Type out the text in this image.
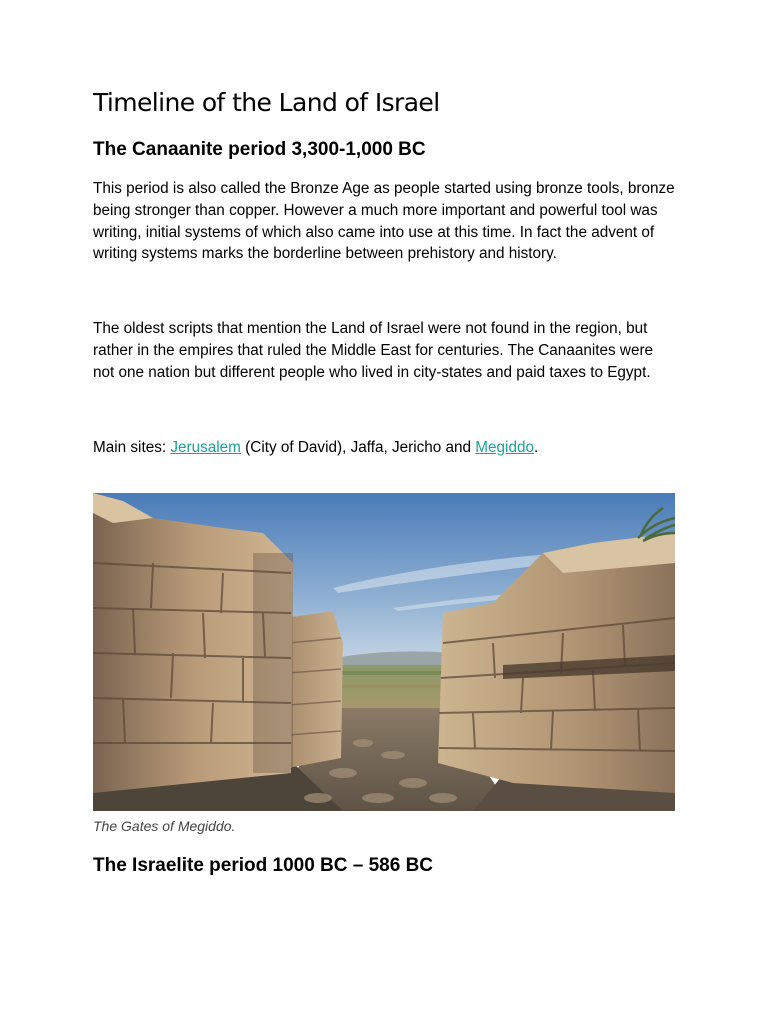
Timeline of the Land of Israel
The Canaanite period 3,300-1,000 BC

This period is also called the Bronze Age as people started using bronze tools, bronze being stronger than copper. However a much more important and powerful tool was writing, initial systems of which also came into use at this time. In fact the advent of writing systems marks the borderline between prehistory and history.

The oldest scripts that mention the Land of Israel were not found in the region, but rather in the empires that ruled the Middle East for centuries. The Canaanites were not one nation but different people who lived in city-states and paid taxes to Egypt.

Main sites: Jerusalem (City of David), Jaffa, Jericho and Megiddo.

The Gates of Megiddo.

The Israelite period 1000 BC – 586 BC
